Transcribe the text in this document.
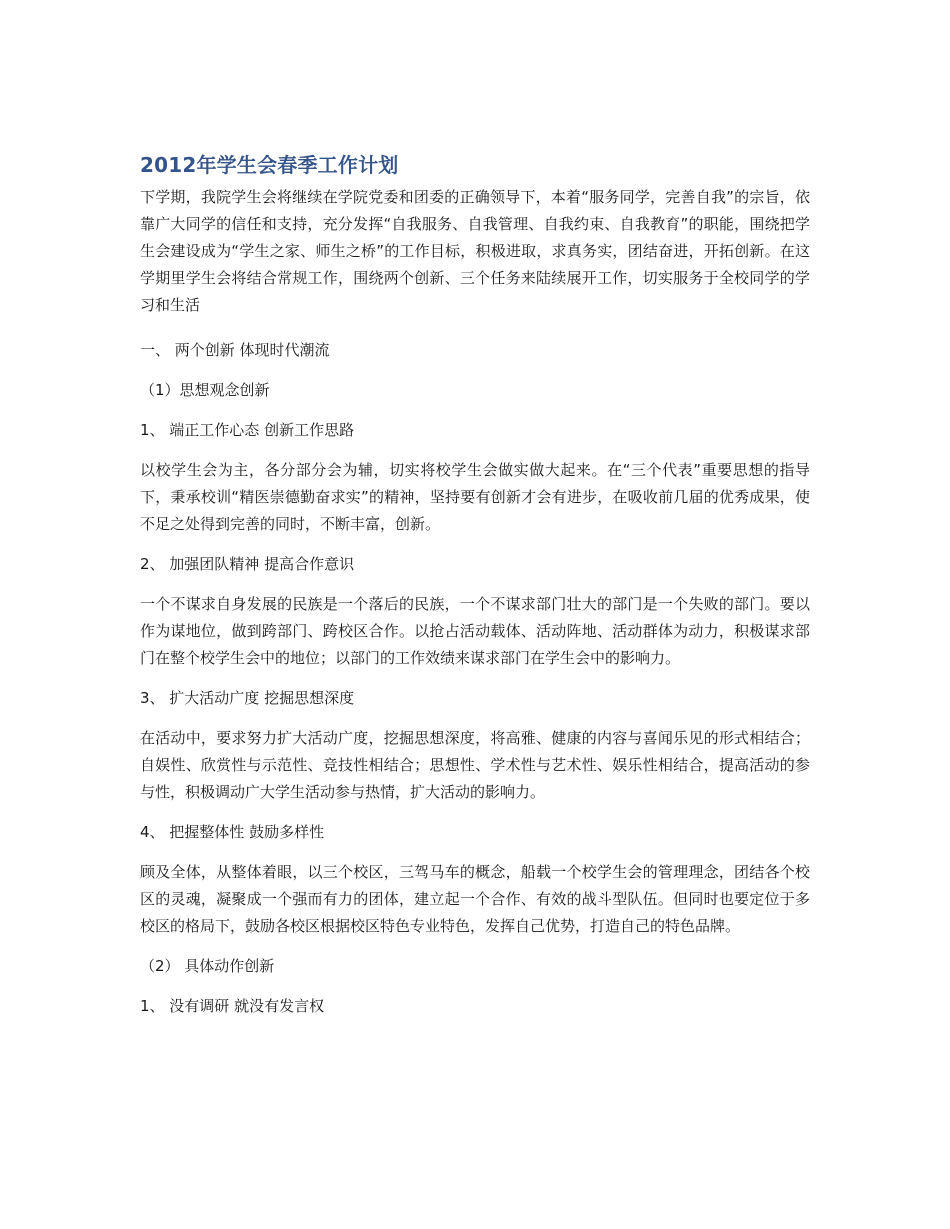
2012年学生会春季工作计划

下学期，我院学生会将继续在学院党委和团委的正确领导下，本着“服务同学，完善自我”的宗旨，依靠广大同学的信任和支持，充分发挥“自我服务、自我管理、自我约束、自我教育”的职能，围绕把学生会建设成为“学生之家、师生之桥”的工作目标，积极进取，求真务实，团结奋进，开拓创新。在这学期里学生会将结合常规工作，围绕两个创新、三个任务来陆续展开工作，切实服务于全校同学的学习和生活

一、 两个创新 体现时代潮流

（1）思想观念创新

1、 端正工作心态 创新工作思路

以校学生会为主，各分部分会为辅，切实将校学生会做实做大起来。在“三个代表”重要思想的指导下，秉承校训“精医崇德勤奋求实”的精神，坚持要有创新才会有进步，在吸收前几届的优秀成果，使不足之处得到完善的同时，不断丰富，创新。

2、 加强团队精神 提高合作意识

一个不谋求自身发展的民族是一个落后的民族，一个不谋求部门壮大的部门是一个失败的部门。要以作为谋地位，做到跨部门、跨校区合作。以抢占活动载体、活动阵地、活动群体为动力，积极谋求部门在整个校学生会中的地位；以部门的工作效绩来谋求部门在学生会中的影响力。

3、 扩大活动广度 挖掘思想深度

在活动中，要求努力扩大活动广度，挖掘思想深度，将高雅、健康的内容与喜闻乐见的形式相结合；自娱性、欣赏性与示范性、竞技性相结合；思想性、学术性与艺术性、娱乐性相结合，提高活动的参与性，积极调动广大学生活动参与热情，扩大活动的影响力。

4、 把握整体性 鼓励多样性

顾及全体，从整体着眼，以三个校区，三驾马车的概念，船载一个校学生会的管理理念，团结各个校区的灵魂，凝聚成一个强而有力的团体，建立起一个合作、有效的战斗型队伍。但同时也要定位于多校区的格局下，鼓励各校区根据校区特色专业特色，发挥自己优势，打造自己的特色品牌。

（2） 具体动作创新

1、 没有调研 就没有发言权
